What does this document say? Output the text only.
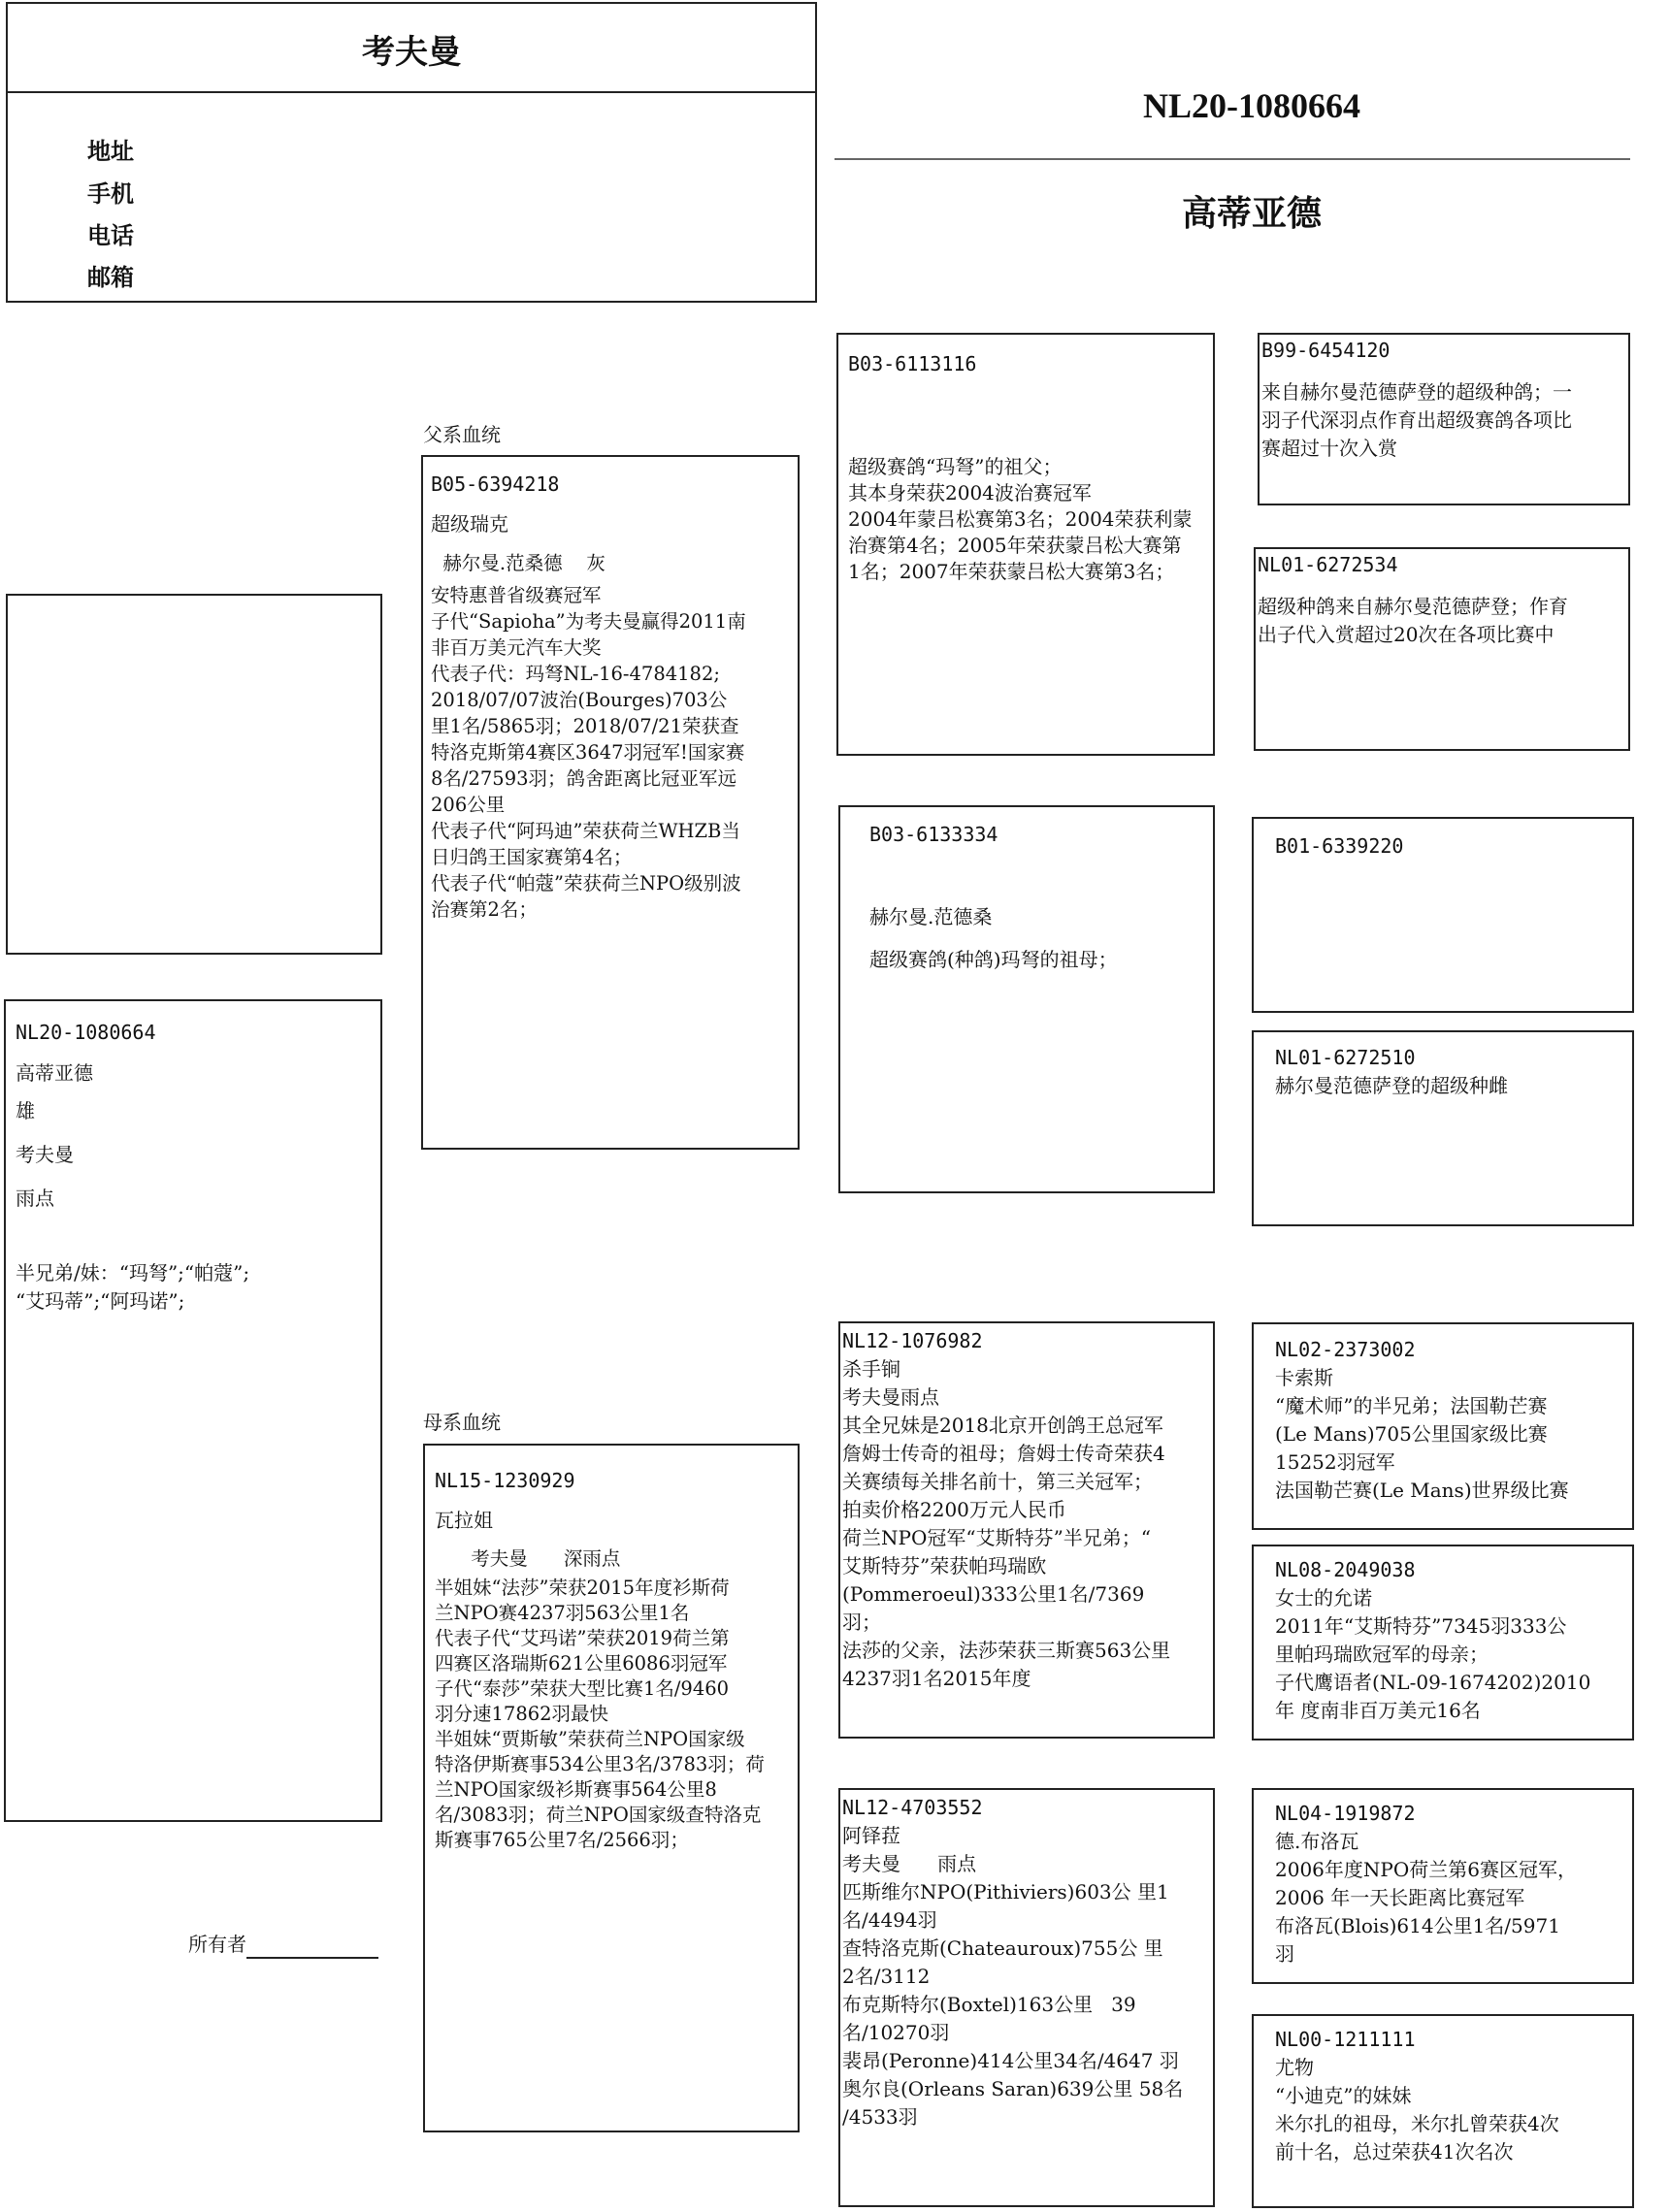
考夫曼
地址
手机
电话
邮箱
NL20-1080664
高蒂亚德
NL20-1080664
高蒂亚德
雄
考夫曼
雨点
半兄弟/妹：“玛弩”;“帕蔻”;
“艾玛蒂”;“阿玛诺”;
所有者
父系血统
母系血统
B05-6394218
超级瑞克
赫尔曼.范桑德    灰
安特惠普省级赛冠军
子代“Sapioha”为考夫曼赢得2011南
非百万美元汽车大奖
代表子代：玛弩NL-16-4784182;
2018/07/07波治(Bourges)703公
里1名/5865羽；2018/07/21荣获查
特洛克斯第4赛区3647羽冠军!国家赛
8名/27593羽；鸽舍距离比冠亚军远
206公里
代表子代“阿玛迪”荣获荷兰WHZB当
日归鸽王国家赛第4名；
代表子代“帕蔻”荣获荷兰NPO级别波
治赛第2名；
NL15-1230929
瓦拉姐
考夫曼      深雨点
半姐妹“法莎”荣获2015年度衫斯荷
兰NPO赛4237羽563公里1名
代表子代“艾玛诺”荣获2019荷兰第
四赛区洛瑞斯621公里6086羽冠军
子代“泰莎”荣获大型比赛1名/9460
羽分速17862羽最快
半姐妹“贾斯敏”荣获荷兰NPO国家级
特洛伊斯赛事534公里3名/3783羽；荷
兰NPO国家级衫斯赛事564公里8
名/3083羽；荷兰NPO国家级查特洛克
斯赛事765公里7名/2566羽；
B03-6113116
超级赛鸽“玛弩”的祖父；
其本身荣获2004波治赛冠军
2004年蒙吕松赛第3名；2004荣获利蒙
治赛第4名；2005年荣获蒙吕松大赛第
1名；2007年荣获蒙吕松大赛第3名；
B03-6133334
赫尔曼.范德桑
超级赛鸽(种鸽)玛弩的祖母；
NL12-1076982
杀手锏
考夫曼雨点
其全兄妹是2018北京开创鸽王总冠军
詹姆士传奇的祖母；詹姆士传奇荣获4
关赛绩每关排名前十，第三关冠军；
拍卖价格2200万元人民币
荷兰NPO冠军“艾斯特芬”半兄弟；“
艾斯特芬”荣获帕玛瑞欧
(Pommeroeul)333公里1名/7369
羽；
法莎的父亲，法莎荣获三斯赛563公里
4237羽1名2015年度
NL12-4703552
阿铎菈
考夫曼      雨点
匹斯维尔NPO(Pithiviers)603公 里1
名/4494羽
查特洛克斯(Chateauroux)755公 里
2名/3112
布克斯特尔(Boxtel)163公里   39
名/10270羽
裴昂(Peronne)414公里34名/4647 羽
奥尔良(Orleans Saran)639公里 58名
/4533羽
B99-6454120
来自赫尔曼范德萨登的超级种鸽；一
羽子代深羽点作育出超级赛鸽各项比
赛超过十次入赏
NL01-6272534
超级种鸽来自赫尔曼范德萨登；作育
出子代入赏超过20次在各项比赛中
B01-6339220
NL01-6272510
赫尔曼范德萨登的超级种雌
NL02-2373002
卡索斯
“魔术师”的半兄弟；法国勒芒赛
(Le Mans)705公里国家级比赛
15252羽冠军
法国勒芒赛(Le Mans)世界级比赛
NL08-2049038
女士的允诺
2011年“艾斯特芬”7345羽333公
里帕玛瑞欧冠军的母亲；
子代鹰语者(NL-09-1674202)2010
年 度南非百万美元16名
NL04-1919872
德.布洛瓦
2006年度NPO荷兰第6赛区冠军，
2006 年一天长距离比赛冠军
布洛瓦(Blois)614公里1名/5971
羽
NL00-1211111
尤物
“小迪克”的妹妹
米尔扎的祖母，米尔扎曾荣获4次
前十名，总过荣获41次名次
